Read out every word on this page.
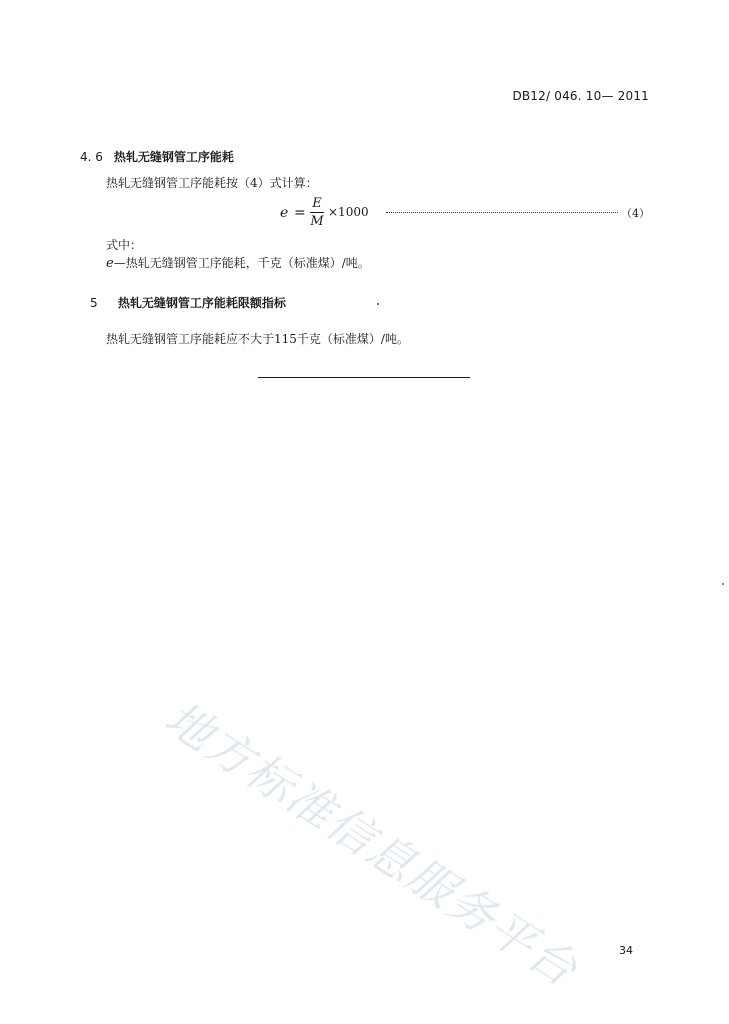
DB12/ 046. 10— 2011
4. 6 热轧无缝钢管工序能耗
热轧无缝钢管工序能耗按（4）式计算：
e =
E
M
×1000	（4）
式中：
e—热轧无缝钢管工序能耗，千克（标准煤）/吨。
5 热轧无缝钢管工序能耗限额指标
热轧无缝钢管工序能耗应不大于115千克（标准煤）/吨。
地方标准信息服务平台	34
